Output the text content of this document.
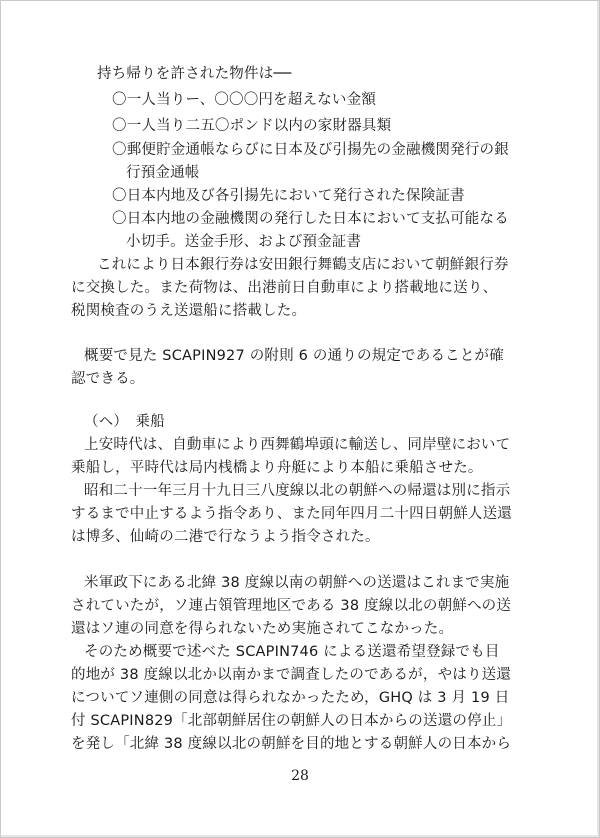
持ち帰りを許された物件は──
〇一人当りー、〇〇〇円を超えない金額
〇一人当り二五〇ポンド以内の家財器具類
〇郵便貯金通帳ならびに日本及び引揚先の金融機関発行の銀
行預金通帳
〇日本内地及び各引揚先において発行された保険証書
〇日本内地の金融機関の発行した日本において支払可能なる
小切手。送金手形、および預金証書
これにより日本銀行券は安田銀行舞鶴支店において朝鮮銀行券
に交換した。また荷物は、出港前日自動車により搭載地に送り、
税関検査のうえ送還船に搭載した。
概要で見た SCAPIN927 の附則 6 の通りの規定であることが確
認できる。
（ヘ）　乗船
上安時代は、自動車により西舞鶴埠頭に輸送し、同岸壁において
乗船し，平時代は局内桟橋より舟艇により本船に乗船させた。
昭和二十一年三月十九日三八度線以北の朝鮮への帰還は別に指示
するまで中止するよう指令あり、また同年四月二十四日朝鮮人送還
は博多、仙崎の二港で行なうよう指令された。
米軍政下にある北緯 38 度線以南の朝鮮への送還はこれまで実施
されていたが，ソ連占領管理地区である 38 度線以北の朝鮮への送
還はソ連の同意を得られないため実施されてこなかった。
そのため概要で述べた SCAPIN746 による送還希望登録でも目
的地が 38 度線以北か以南かまで調査したのであるが，やはり送還
についてソ連側の同意は得られなかったため，GHQ は 3 月 19 日
付 SCAPIN829「北部朝鮮居住の朝鮮人の日本からの送還の停止」
を発し「北緯 38 度線以北の朝鮮を目的地とする朝鮮人の日本から
28
